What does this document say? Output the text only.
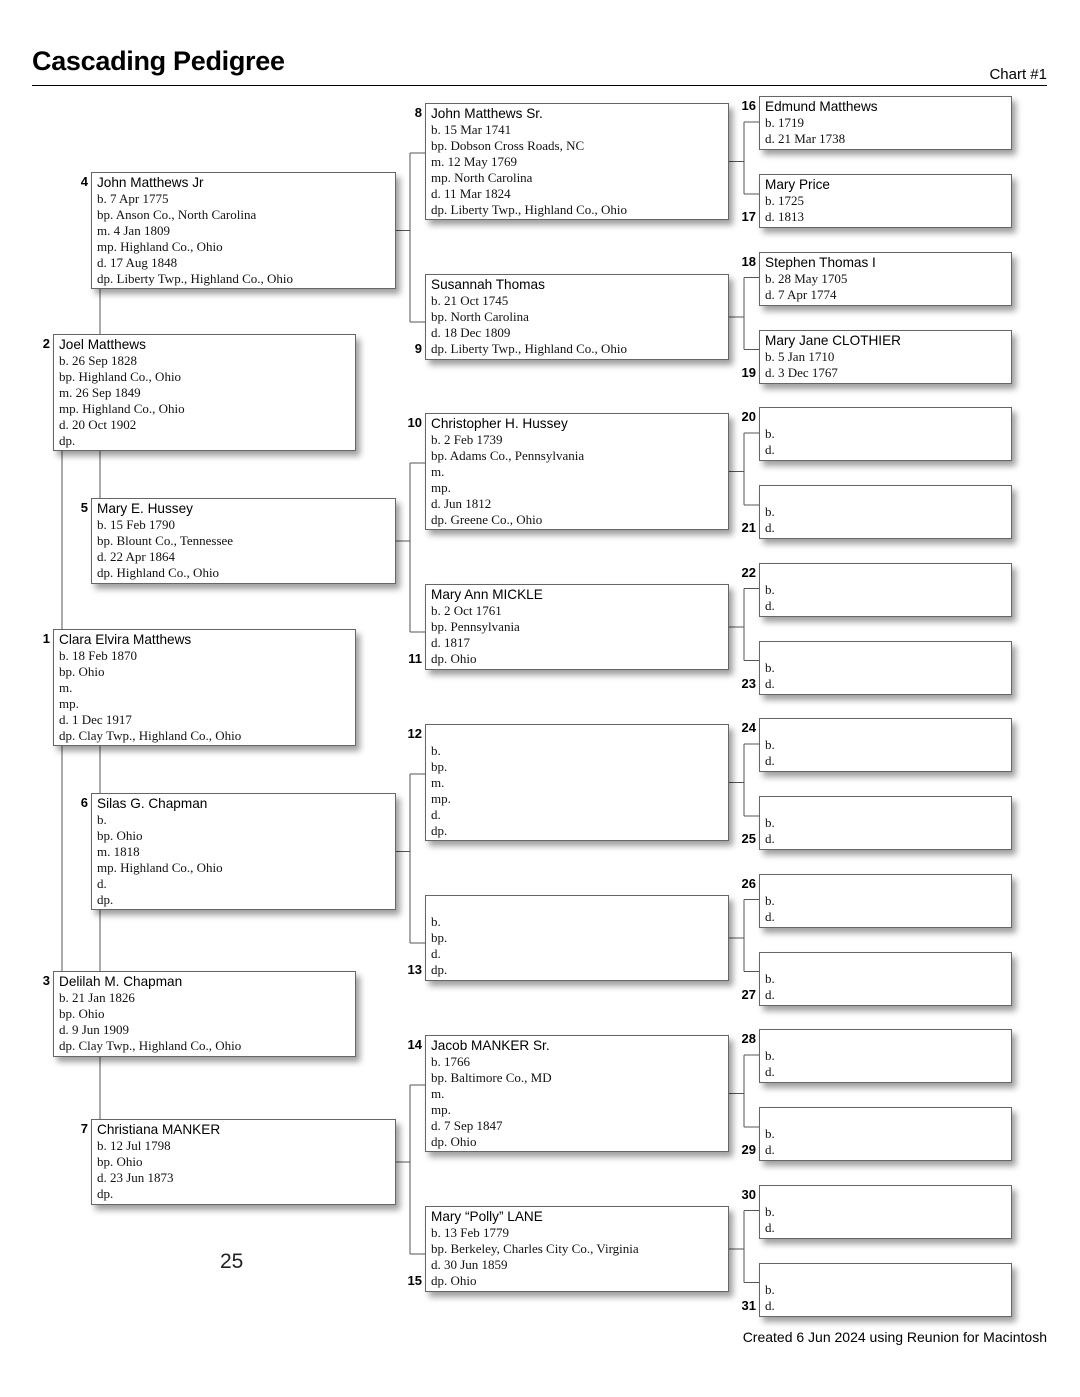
Cascading Pedigree	Chart #1
Clara Elvira Matthews
b. 18 Feb 1870
bp. Ohio
m.
mp.
d. 1 Dec 1917
dp. Clay Twp., Highland Co., Ohio
1
Joel Matthews
b. 26 Sep 1828
bp. Highland Co., Ohio
m. 26 Sep 1849
mp. Highland Co., Ohio
d. 20 Oct 1902
dp.
2
Delilah M. Chapman
b. 21 Jan 1826
bp. Ohio
d. 9 Jun 1909
dp. Clay Twp., Highland Co., Ohio
3
John Matthews Jr
b. 7 Apr 1775
bp. Anson Co., North Carolina
m. 4 Jan 1809
mp. Highland Co., Ohio
d. 17 Aug 1848
dp. Liberty Twp., Highland Co., Ohio
4
Mary E. Hussey
b. 15 Feb 1790
bp. Blount Co., Tennessee
d. 22 Apr 1864
dp. Highland Co., Ohio
5
Silas G. Chapman
b.
bp. Ohio
m. 1818
mp. Highland Co., Ohio
d.
dp.
6
Christiana MANKER
b. 12 Jul 1798
bp. Ohio
d. 23 Jun 1873
dp.
7
John Matthews Sr.
b. 15 Mar 1741
bp. Dobson Cross Roads, NC
m. 12 May 1769
mp. North Carolina
d. 11 Mar 1824
dp. Liberty Twp., Highland Co., Ohio
8
Susannah Thomas
b. 21 Oct 1745
bp. North Carolina
d. 18 Dec 1809
dp. Liberty Twp., Highland Co., Ohio
9
Christopher H. Hussey
b. 2 Feb 1739
bp. Adams Co., Pennsylvania
m.
mp.
d. Jun 1812
dp. Greene Co., Ohio
10
Mary Ann MICKLE
b. 2 Oct 1761
bp. Pennsylvania
d. 1817
dp. Ohio
11
b.
bp.
m.
mp.
d.
dp.
12
b.
bp.
d.
dp.
13
Jacob MANKER Sr.
b. 1766
bp. Baltimore Co., MD
m.
mp.
d. 7 Sep 1847
dp. Ohio
14
Mary “Polly” LANE
b. 13 Feb 1779
bp. Berkeley, Charles City Co., Virginia
d. 30 Jun 1859
dp. Ohio
15
Edmund Matthews
b. 1719
d. 21 Mar 1738
16
Mary Price
b. 1725
d. 1813
17
Stephen Thomas I
b. 28 May 1705
d. 7 Apr 1774
18
Mary Jane CLOTHIER
b. 5 Jan 1710
d. 3 Dec 1767
19
b.
d.
20
b.
d.
21
b.
d.
22
b.
d.
23
b.
d.
24
b.
d.
25
b.
d.
26
b.
d.
27
b.
d.
28
b.
d.
29
b.
d.
30
b.
d.
31
25
Created 6 Jun 2024 using Reunion for Macintosh
